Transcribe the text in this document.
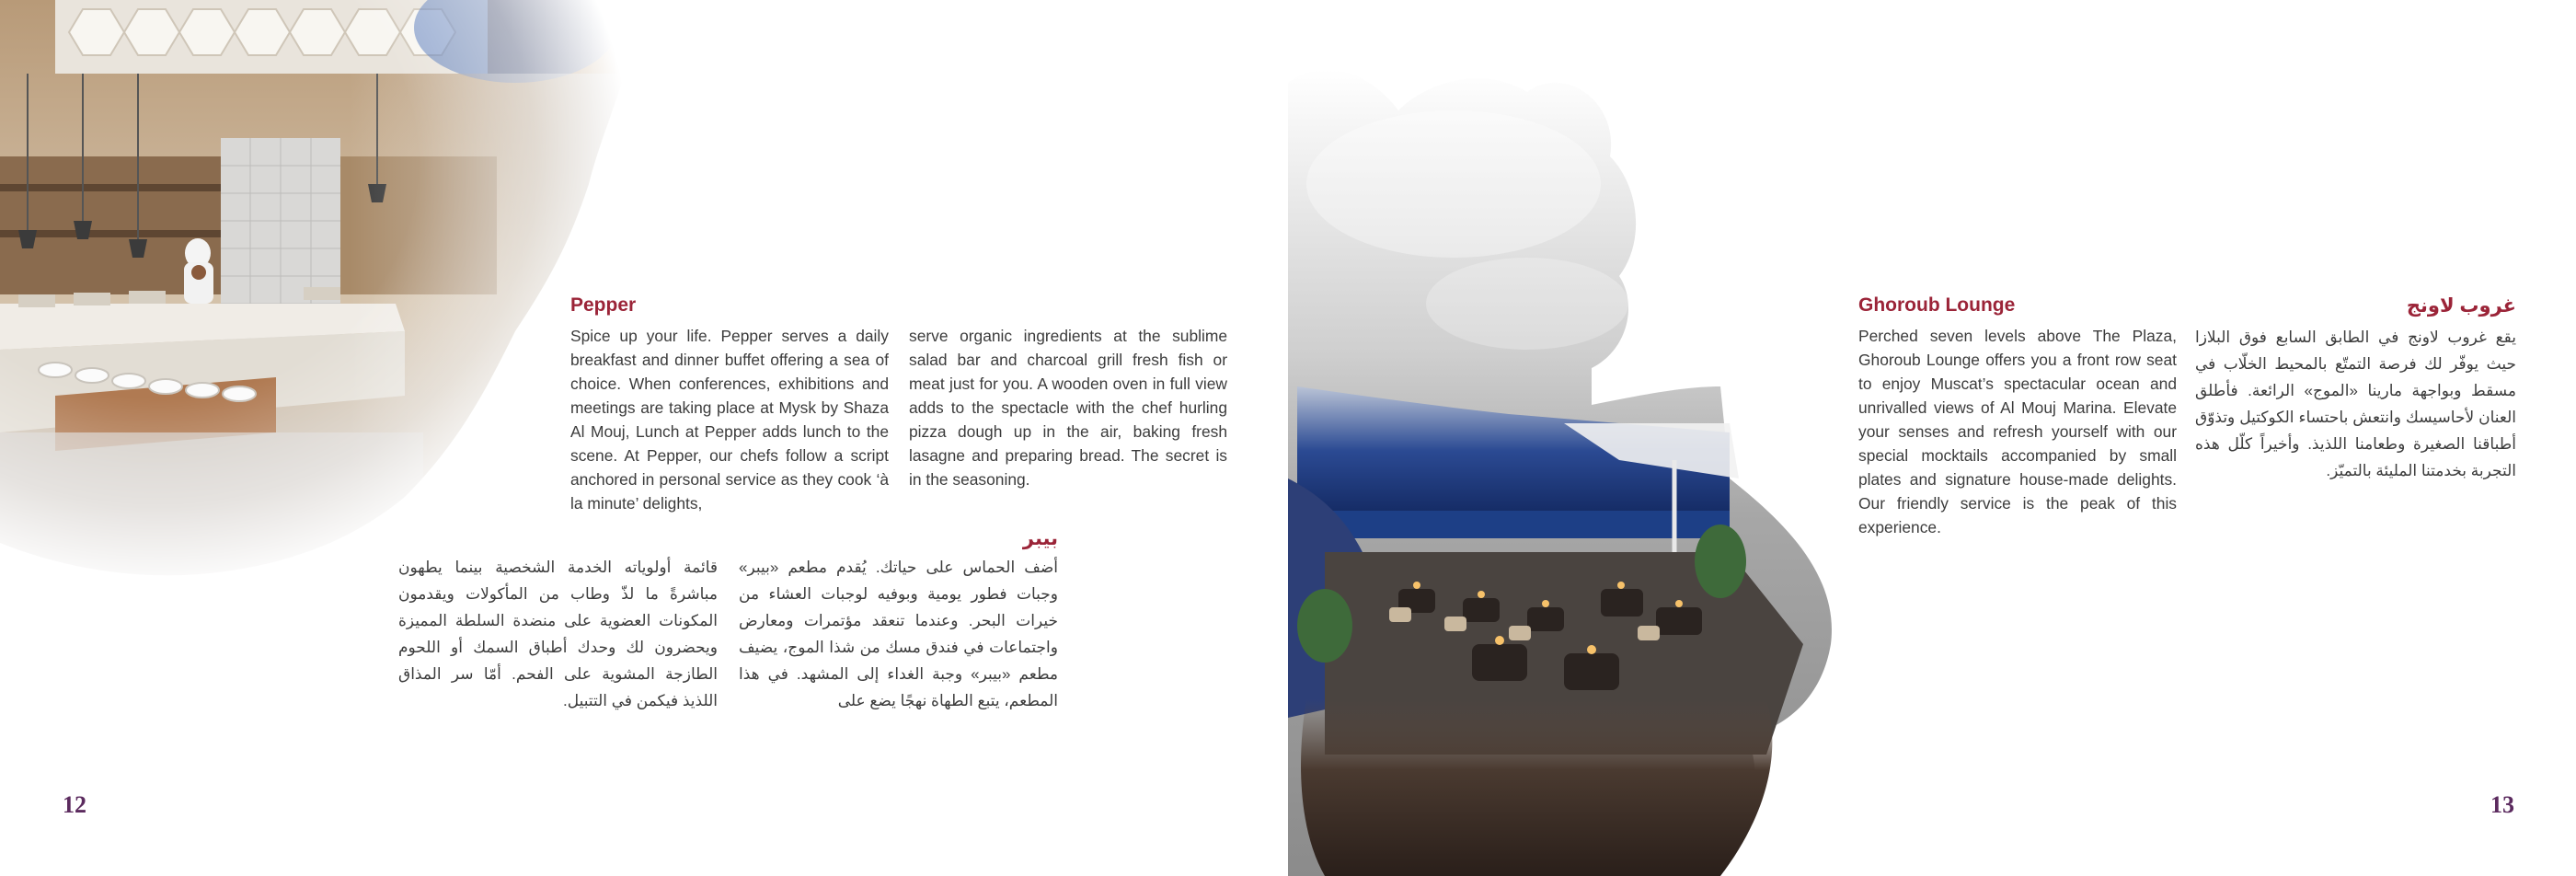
Pepper

Spice up your life. Pepper serves a daily breakfast and dinner buffet offering a sea of choice. When conferences, exhibitions and meetings are taking place at Mysk by Shaza Al Mouj, Lunch at Pepper adds lunch to the scene. At Pepper, our chefs follow a script anchored in personal service as they cook ‘à la minute’ delights,

serve organic ingredients at the sublime salad bar and charcoal grill fresh fish or meat just for you. A wooden oven in full view adds to the spectacle with the chef hurling pizza dough up in the air, baking fresh lasagne and preparing bread. The secret is in the seasoning.

بيبر

أضف الحماس على حياتك. يُقدم مطعم «بيبر» وجبات فطور يومية وبوفيه لوجبات العشاء من خيرات البحر. وعندما تنعقد مؤتمرات ومعارض واجتماعات في فندق مسك من شذا الموج، يضيف مطعم «بيبر» وجبة الغداء إلى المشهد. في هذا المطعم، يتبع الطهاة نهجًا يضع على

قائمة أولوياته الخدمة الشخصية بينما يطهون مباشرةً ما لذّ وطاب من المأكولات ويقدمون المكونات العضوية على منضدة السلطة المميزة ويحضرون لك وحدك أطباق السمك أو اللحوم الطازجة المشوية على الفحم. أمّا سر المذاق اللذيذ فيكمن في التتبيل.

12

Ghoroub Lounge

Perched seven levels above The Plaza, Ghoroub Lounge offers you a front row seat to enjoy Muscat’s spectacular ocean and unrivalled views of Al Mouj Marina. Elevate your senses and refresh yourself with our special mocktails accompanied by small plates and signature house-made delights. Our friendly service is the peak of this experience.

غروب لاونج

يقع غروب لاونج في الطابق السابع فوق البلازا حيث يوفّر لك فرصة التمتّع بالمحيط الخلّاب في مسقط وبواجهة مارينا «الموج» الرائعة. فأطلق العنان لأحاسيسك وانتعش باحتساء الكوكتيل وتذوّق أطباقنا الصغيرة وطعامنا اللذيذ. وأخيراً كلّل هذه التجربة بخدمتنا المليئة بالتميّز.

13
